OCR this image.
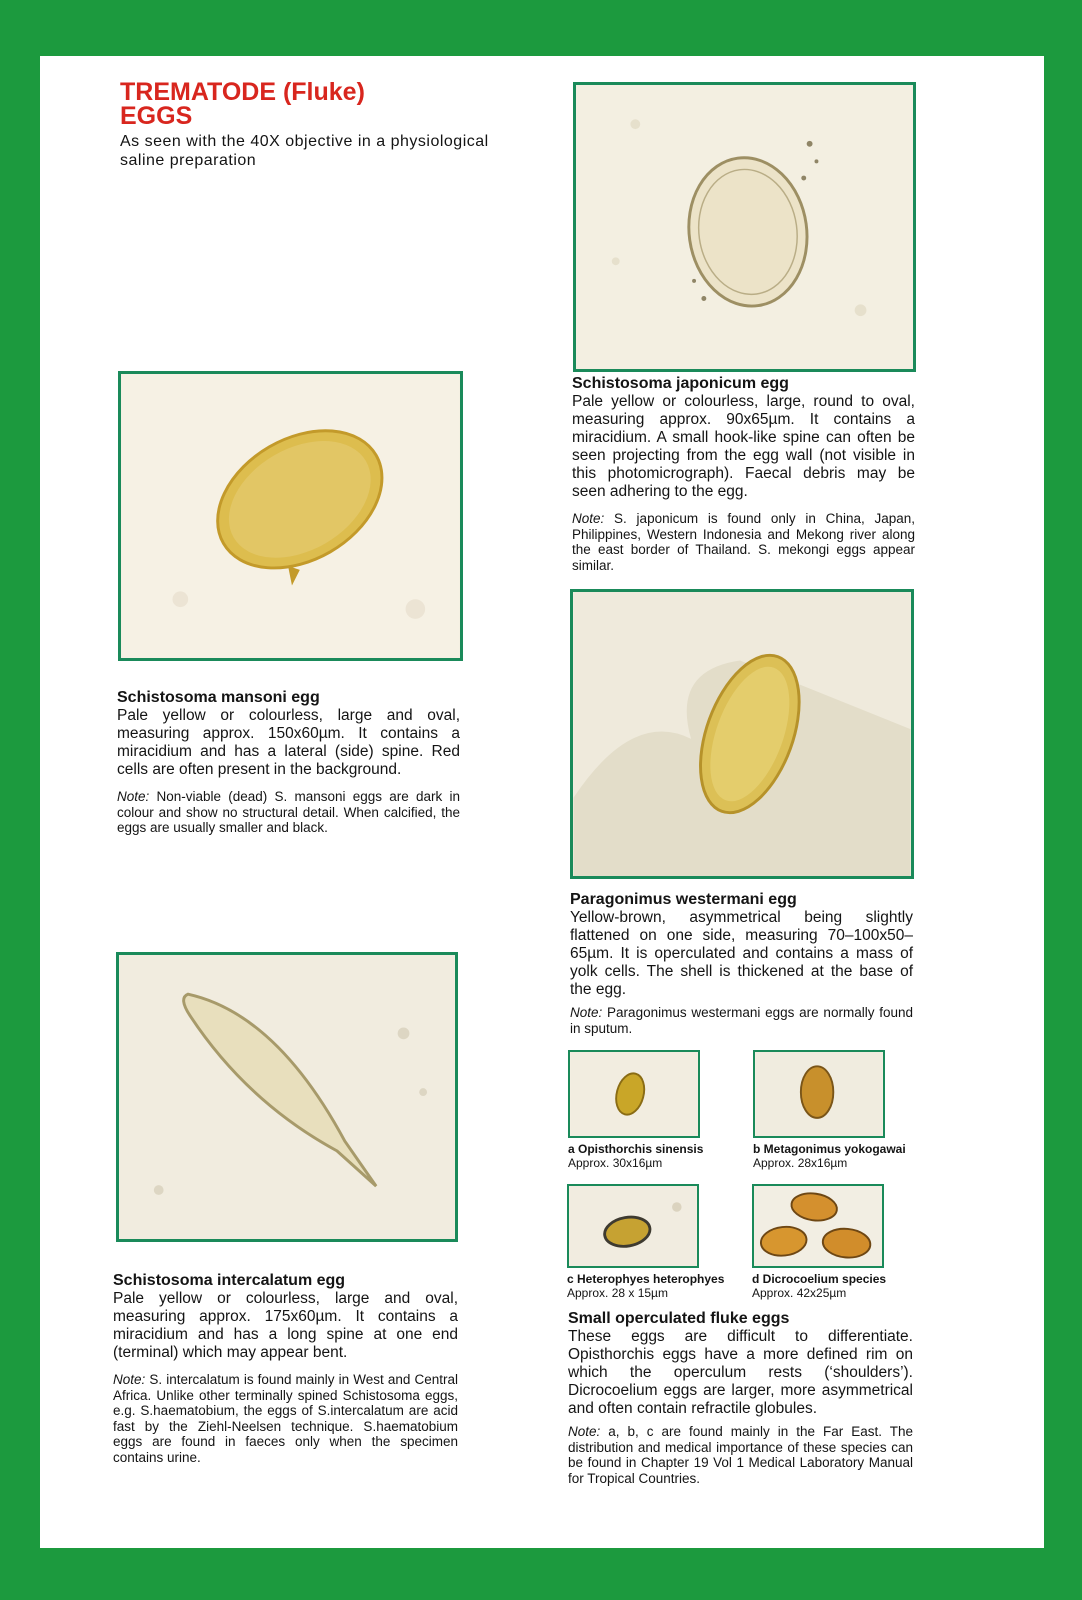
TREMATODE (Fluke)
EGGS
As seen with the 40X objective in a physiological saline preparation
Schistosoma japonicum egg

Pale yellow or colourless, large, round to oval, measuring approx. 90x65µm. It contains a miracidium. A small hook-like spine can often be seen projecting from the egg wall (not visible in this photomicrograph). Faecal debris may be seen adhering to the egg.

Note: S. japonicum is found only in China, Japan, Philippines, Western Indonesia and Mekong river along the east border of Thailand. S. mekongi eggs appear similar.

Schistosoma mansoni egg

Pale yellow or colourless, large and oval, measuring approx. 150x60µm. It contains a miracidium and has a lateral (side) spine. Red cells are often present in the background.

Note: Non-viable (dead) S. mansoni eggs are dark in colour and show no structural detail. When calcified, the eggs are usually smaller and black.

Paragonimus westermani egg

Yellow-brown, asymmetrical being slightly flattened on one side, measuring 70–100x50–65µm. It is operculated and contains a mass of yolk cells. The shell is thickened at the base of the egg.

Note: Paragonimus westermani eggs are normally found in sputum.

Schistosoma intercalatum egg

Pale yellow or colourless, large and oval, measuring approx. 175x60µm. It contains a miracidium and has a long spine at one end (terminal) which may appear bent.

Note: S. intercalatum is found mainly in West and Central Africa. Unlike other terminally spined Schistosoma eggs, e.g. S.haematobium, the eggs of S.intercalatum are acid fast by the Ziehl-Neelsen technique. S.haematobium eggs are found in faeces only when the specimen contains urine.

a Opisthorchis sinensis
Approx. 30x16µm
b Metagonimus yokogawai
Approx. 28x16µm
c Heterophyes heterophyes
Approx. 28 x 15µm
d Dicrocoelium species
Approx. 42x25µm
Small operculated fluke eggs

These eggs are difficult to differentiate. Opisthorchis eggs have a more defined rim on which the operculum rests (‘shoulders’). Dicrocoelium eggs are larger, more asymmetrical and often contain refractile globules.

Note: a, b, c are found mainly in the Far East. The distribution and medical importance of these species can be found in Chapter 19 Vol 1 Medical Laboratory Manual for Tropical Countries.
